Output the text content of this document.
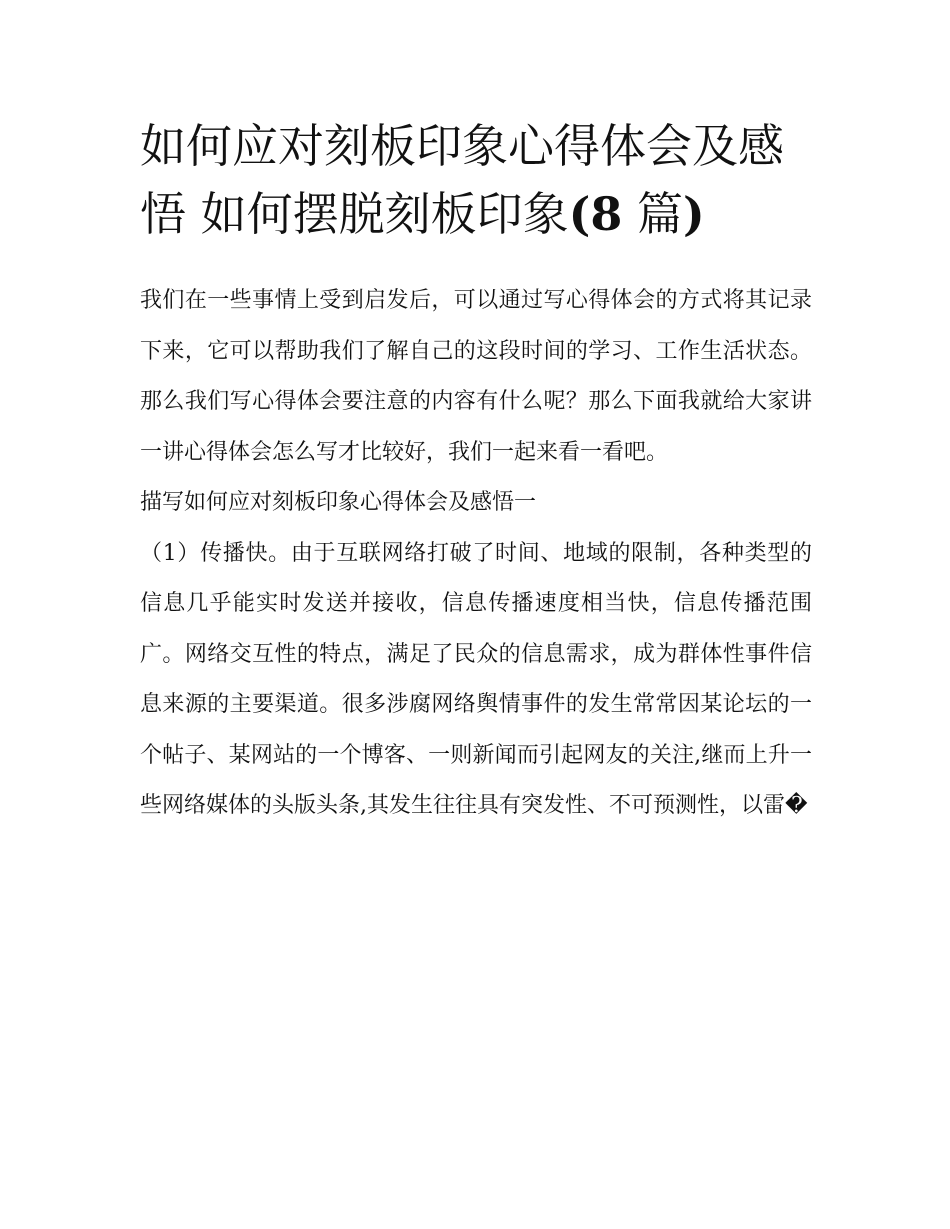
如何应对刻板印象心得体会及感悟 如何摆脱刻板印象(8 篇)

我们在一些事情上受到启发后，可以通过写心得体会的方式将其记录下来，它可以帮助我们了解自己的这段时间的学习、工作生活状态。那么我们写心得体会要注意的内容有什么呢？那么下面我就给大家讲一讲心得体会怎么写才比较好，我们一起来看一看吧。

描写如何应对刻板印象心得体会及感悟一

（1）传播快。由于互联网络打破了时间、地域的限制，各种类型的信息几乎能实时发送并接收，信息传播速度相当快，信息传播范围广。网络交互性的特点，满足了民众的信息需求，成为群体性事件信息来源的主要渠道。很多涉腐网络舆情事件的发生常常因某论坛的一个帖子、某网站的一个博客、一则新闻而引起网友的关注,继而上升一些网络媒体的头版头条,其发生往往具有突发性、不可预测性，以雷�
